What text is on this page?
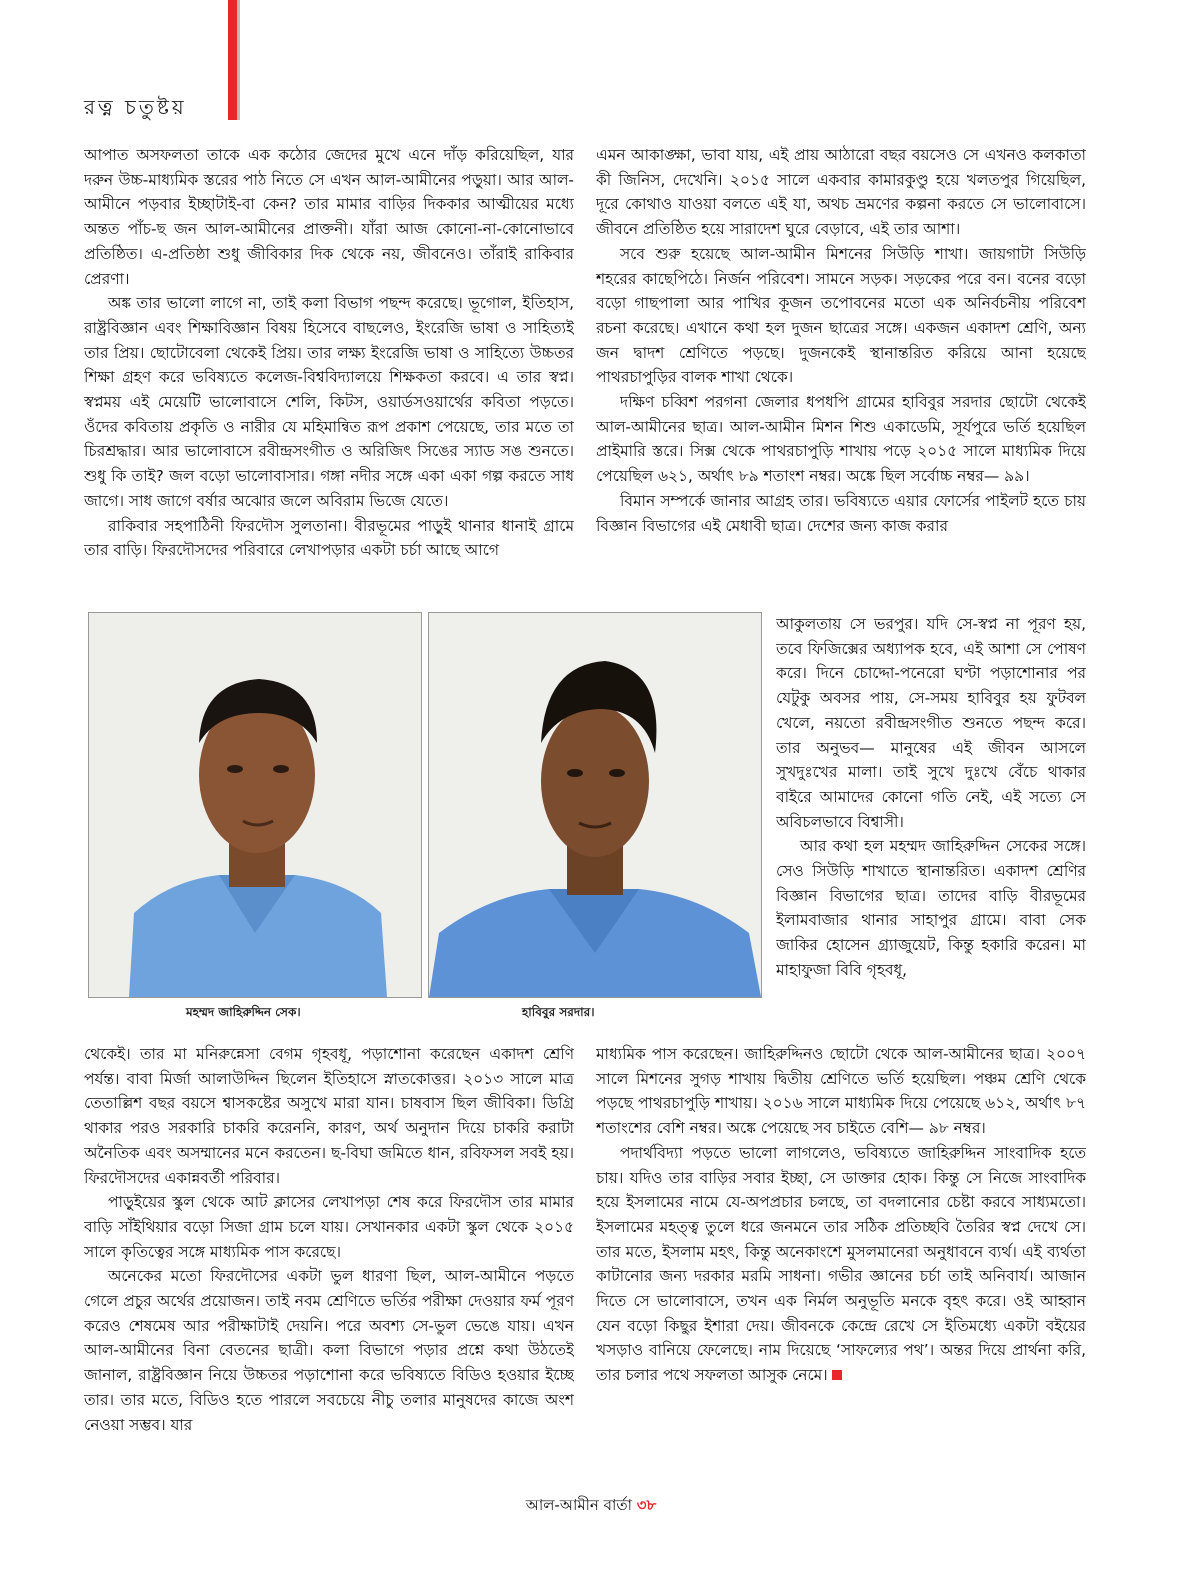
রত্ন চতুষ্টয়

আপাত অসফলতা তাকে এক কঠোর জেদের মুখে এনে দাঁড় করিয়েছিল, যার দরুন উচ্চ-মাধ্যমিক স্তরের পাঠ নিতে সে এখন আল-আমীনের পড়ুয়া। আর আল-আমীনে পড়বার ইচ্ছাটাই-বা কেন? তার মামার বাড়ির দিককার আত্মীয়ের মধ্যে অন্তত পাঁচ-ছ জন আল-আমীনের প্রাক্তনী। যাঁরা আজ কোনো-না-কোনোভাবে প্রতিষ্ঠিত। এ-প্রতিষ্ঠা শুধু জীবিকার দিক থেকে নয়, জীবনেও। তাঁরাই রাকিবার প্রেরণা।

অঙ্ক তার ভালো লাগে না, তাই কলা বিভাগ পছন্দ করেছে। ভূগোল, ইতিহাস, রাষ্ট্রবিজ্ঞান এবং শিক্ষাবিজ্ঞান বিষয় হিসেবে বাছলেও, ইংরেজি ভাষা ও সাহিত্যই তার প্রিয়। ছোটোবেলা থেকেই প্রিয়। তার লক্ষ্য ইংরেজি ভাষা ও সাহিত্যে উচ্চতর শিক্ষা গ্রহণ করে ভবিষ্যতে কলেজ-বিশ্ববিদ্যালয়ে শিক্ষকতা করবে। এ তার স্বপ্ন। স্বপ্নময় এই মেয়েটি ভালোবাসে শেলি, কিটস, ওয়ার্ডসওয়ার্থের কবিতা পড়তে। ওঁদের কবিতায় প্রকৃতি ও নারীর যে মহিমান্বিত রূপ প্রকাশ পেয়েছে, তার মতে তা চিরশ্রদ্ধার। আর ভালোবাসে রবীন্দ্রসংগীত ও অরিজিৎ সিঙের স্যাড সঙ শুনতে। শুধু কি তাই? জল বড়ো ভালোবাসার। গঙ্গা নদীর সঙ্গে একা একা গল্প করতে সাধ জাগে। সাধ জাগে বর্ষার অঝোর জলে অবিরাম ভিজে যেতে।

রাকিবার সহপাঠিনী ফিরদৌস সুলতানা। বীরভূমের পাড়ুই থানার ধানাই গ্রামে তার বাড়ি। ফিরদৌসদের পরিবারে লেখাপড়ার একটা চর্চা আছে আগে

এমন আকাঙ্ক্ষা, ভাবা যায়, এই প্রায় আঠারো বছর বয়সেও সে এখনও কলকাতা কী জিনিস, দেখেনি। ২০১৫ সালে একবার কামারকুণ্ডু হয়ে খলতপুর গিয়েছিল, দূরে কোথাও যাওয়া বলতে এই যা, অথচ ভ্রমণের কল্পনা করতে সে ভালোবাসে। জীবনে প্রতিষ্ঠিত হয়ে সারাদেশ ঘুরে বেড়াবে, এই তার আশা।

সবে শুরু হয়েছে আল-আমীন মিশনের সিউড়ি শাখা। জায়গাটা সিউড়ি শহরের কাছেপিঠে। নির্জন পরিবেশ। সামনে সড়ক। সড়কের পরে বন। বনের বড়ো বড়ো গাছপালা আর পাখির কূজন তপোবনের মতো এক অনির্বচনীয় পরিবেশ রচনা করেছে। এখানে কথা হল দুজন ছাত্রের সঙ্গে। একজন একাদশ শ্রেণি, অন্য জন দ্বাদশ শ্রেণিতে পড়ছে। দুজনকেই স্থানান্তরিত করিয়ে আনা হয়েছে পাথরচাপুড়ির বালক শাখা থেকে।

দক্ষিণ চব্বিশ পরগনা জেলার ধপধপি গ্রামের হাবিবুর সরদার ছোটো থেকেই আল-আমীনের ছাত্র। আল-আমীন মিশন শিশু একাডেমি, সূর্যপুরে ভর্তি হয়েছিল প্রাইমারি স্তরে। সিক্স থেকে পাথরচাপুড়ি শাখায় পড়ে ২০১৫ সালে মাধ্যমিক দিয়ে পেয়েছিল ৬২১, অর্থাৎ ৮৯ শতাংশ নম্বর। অঙ্কে ছিল সর্বোচ্চ নম্বর— ৯৯।

বিমান সম্পর্কে জানার আগ্রহ তার। ভবিষ্যতে এয়ার ফোর্সের পাইলট হতে চায় বিজ্ঞান বিভাগের এই মেধাবী ছাত্র। দেশের জন্য কাজ করার

মহম্মদ জাহিরুদ্দিন সেক।	হাবিবুর সরদার।

আকুলতায় সে ভরপুর। যদি সে-স্বপ্ন না পূরণ হয়, তবে ফিজিক্সের অধ্যাপক হবে, এই আশা সে পোষণ করে। দিনে চোদ্দো-পনেরো ঘণ্টা পড়াশোনার পর যেটুকু অবসর পায়, সে-সময় হাবিবুর হয় ফুটবল খেলে, নয়তো রবীন্দ্রসংগীত শুনতে পছন্দ করে। তার অনুভব— মানুষের এই জীবন আসলে সুখদুঃখের মালা। তাই সুখে দুঃখে বেঁচে থাকার বাইরে আমাদের কোনো গতি নেই, এই সত্যে সে অবিচলভাবে বিশ্বাসী।

আর কথা হল মহম্মদ জাহিরুদ্দিন সেকের সঙ্গে। সেও সিউড়ি শাখাতে স্থানান্তরিত। একাদশ শ্রেণির বিজ্ঞান বিভাগের ছাত্র। তাদের বাড়ি বীরভূমের ইলামবাজার থানার সাহাপুর গ্রামে। বাবা সেক জাকির হোসেন গ্র্যাজুয়েট, কিন্তু হকারি করেন। মা মাহাফুজা বিবি গৃহবধূ,

থেকেই। তার মা মনিরুন্নেসা বেগম গৃহবধূ, পড়াশোনা করেছেন একাদশ শ্রেণি পর্যন্ত। বাবা মির্জা আলাউদ্দিন ছিলেন ইতিহাসে স্নাতকোত্তর। ২০১৩ সালে মাত্র তেতাল্লিশ বছর বয়সে শ্বাসকষ্টের অসুখে মারা যান। চাষবাস ছিল জীবিকা। ডিগ্রি থাকার পরও সরকারি চাকরি করেননি, কারণ, অর্থ অনুদান দিয়ে চাকরি করাটা অনৈতিক এবং অসম্মানের মনে করতেন। ছ-বিঘা জমিতে ধান, রবিফসল সবই হয়। ফিরদৌসদের একান্নবর্তী পরিবার।

পাড়ুইয়ের স্কুল থেকে আট ক্লাসের লেখাপড়া শেষ করে ফিরদৌস তার মামার বাড়ি সাঁইথিয়ার বড়ো সিজা গ্রাম চলে যায়। সেখানকার একটা স্কুল থেকে ২০১৫ সালে কৃতিত্বের সঙ্গে মাধ্যমিক পাস করেছে।

অনেকের মতো ফিরদৌসের একটা ভুল ধারণা ছিল, আল-আমীনে পড়তে গেলে প্রচুর অর্থের প্রয়োজন। তাই নবম শ্রেণিতে ভর্তির পরীক্ষা দেওয়ার ফর্ম পূরণ করেও শেষমেষ আর পরীক্ষাটাই দেয়নি। পরে অবশ্য সে-ভুল ভেঙে যায়। এখন আল-আমীনের বিনা বেতনের ছাত্রী। কলা বিভাগে পড়ার প্রশ্নে কথা উঠতেই জানাল, রাষ্ট্রবিজ্ঞান নিয়ে উচ্চতর পড়াশোনা করে ভবিষ্যতে বিডিও হওয়ার ইচ্ছে তার। তার মতে, বিডিও হতে পারলে সবচেয়ে নীচু তলার মানুষদের কাজে অংশ নেওয়া সম্ভব। যার

মাধ্যমিক পাস করেছেন। জাহিরুদ্দিনও ছোটো থেকে আল-আমীনের ছাত্র। ২০০৭ সালে মিশনের সুগড় শাখায় দ্বিতীয় শ্রেণিতে ভর্তি হয়েছিল। পঞ্চম শ্রেণি থেকে পড়ছে পাথরচাপুড়ি শাখায়। ২০১৬ সালে মাধ্যমিক দিয়ে পেয়েছে ৬১২, অর্থাৎ ৮৭ শতাংশের বেশি নম্বর। অঙ্কে পেয়েছে সব চাইতে বেশি— ৯৮ নম্বর।

পদার্থবিদ্যা পড়তে ভালো লাগলেও, ভবিষ্যতে জাহিরুদ্দিন সাংবাদিক হতে চায়। যদিও তার বাড়ির সবার ইচ্ছা, সে ডাক্তার হোক। কিন্তু সে নিজে সাংবাদিক হয়ে ইসলামের নামে যে-অপপ্রচার চলছে, তা বদলানোর চেষ্টা করবে সাধ্যমতো। ইসলামের মহত্ত্ব তুলে ধরে জনমনে তার সঠিক প্রতিচ্ছবি তৈরির স্বপ্ন দেখে সে। তার মতে, ইসলাম মহৎ, কিন্তু অনেকাংশে মুসলমানেরা অনুধাবনে ব্যর্থ। এই ব্যর্থতা কাটানোর জন্য দরকার মরমি সাধনা। গভীর জ্ঞানের চর্চা তাই অনিবার্য। আজান দিতে সে ভালোবাসে, তখন এক নির্মল অনুভূতি মনকে বৃহৎ করে। ওই আহ্বান যেন বড়ো কিছুর ইশারা দেয়। জীবনকে কেন্দ্রে রেখে সে ইতিমধ্যে একটা বইয়ের খসড়াও বানিয়ে ফেলেছে। নাম দিয়েছে ‘সাফল্যের পথ’। অন্তর দিয়ে প্রার্থনা করি, তার চলার পথে সফলতা আসুক নেমে।

আল-আমীন বার্তা ৩৮
